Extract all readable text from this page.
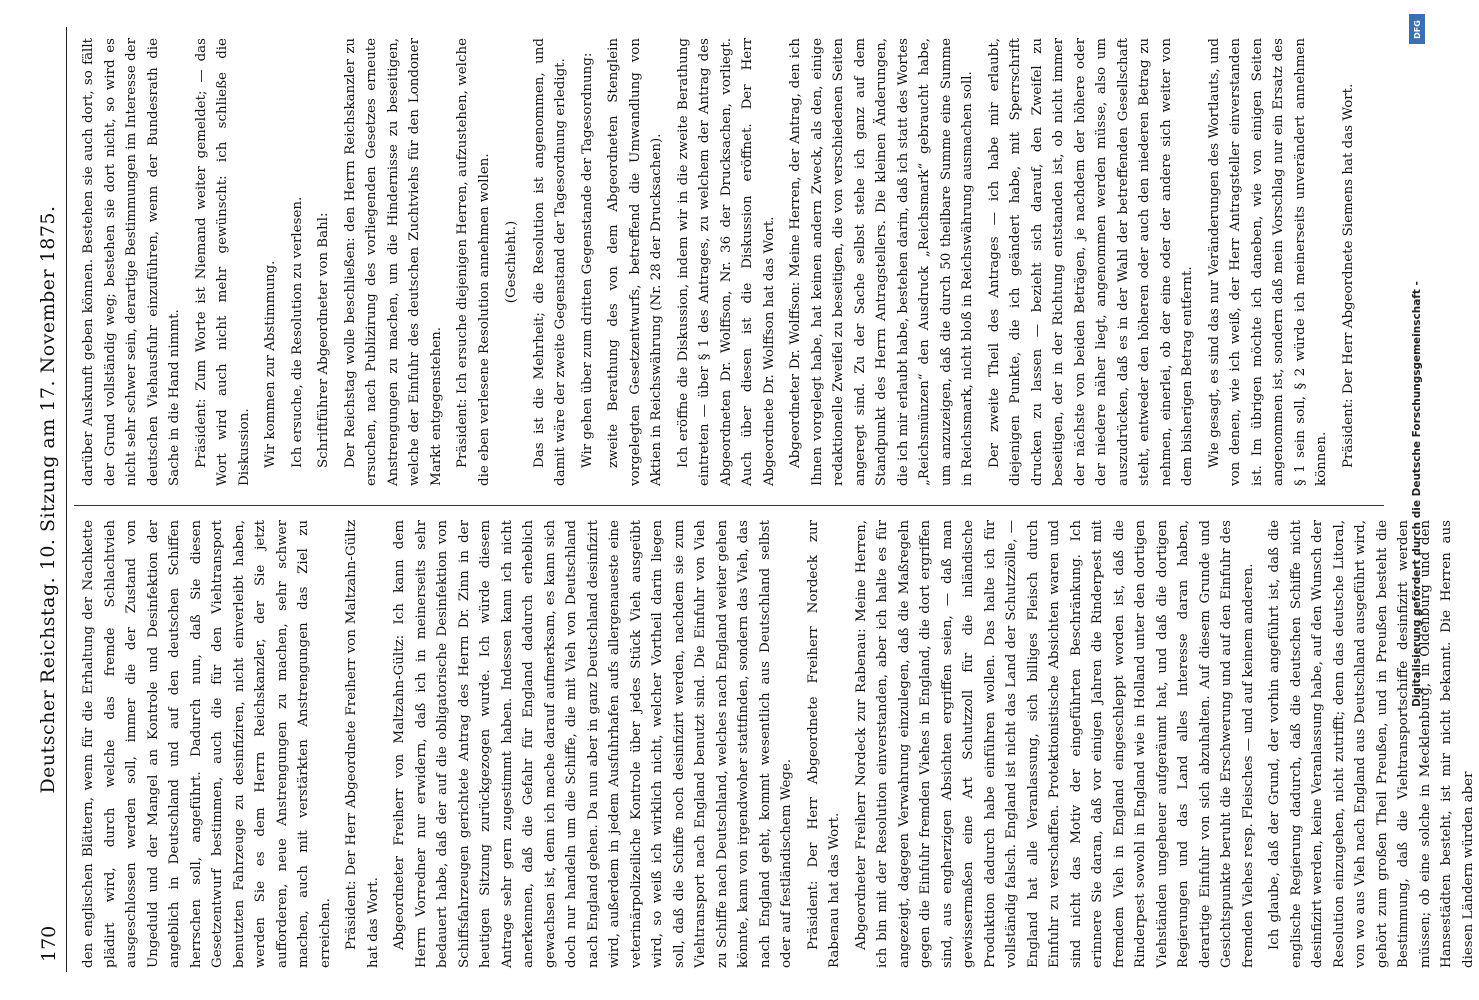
170
Deutscher Reichstag. 10. Sitzung am 17. November 1875. den englischen Blättern, wenn für die Erhaltung der Nachkette plädirt wird, durch welche das fremde Schlachtvieh ausgeschlossen werden soll, immer die der Zustand von Ungeduld und der Mangel an Kontrole und Desinfektion der angeblich in Deutschland und auf den deutschen Schiffen herrschen soll, angeführt. Dadurch nun, daß Sie diesen Gesetzentwurf bestimmen, auch die für den Viehtransport benutzten Fahrzeuge zu desinfiziren, nicht einverleibt haben, werden Sie es dem Herrn Reichskanzler, der Sie jetzt aufforderen, neue Anstrengungen zu machen, sehr schwer machen, auch mit verstärkten Anstrengungen das Ziel zu erreichen. Präsident: Der Herr Abgeordnete Freiherr von Maltzahn-Gültz hat das Wort. Abgeordneter Freiherr von Maltzahn-Gültz: Ich kann dem Herrn Vorredner nur erwidern, daß ich in meinerseits sehr bedauert habe, daß der auf die obligatorische Desinfektion von Schiffsfahrzeugen gerichtete Antrag des Herrn Dr. Zinn in der heutigen Sitzung zurückgezogen wurde. Ich würde diesem Antrage sehr gern zugestimmt haben. Indessen kann ich nicht anerkennen, daß die Gefahr für England dadurch erheblich gewachsen ist, denn ich mache darauf aufmerksam, es kann sich doch nur handeln um die Schiffe, die mit Vieh von Deutschland nach England gehen. Da nun aber in ganz Deutschland desinfizirt wird, außerdem in jedem Ausfuhrhafen aufs allergenaueste eine veterinärpolizeiliche Kontrole über jedes Stück Vieh ausgeübt wird, so weiß ich wirklich nicht, welcher Vortheil darin liegen soll, daß die Schiffe noch desinfizirt werden, nachdem sie zum Viehtransport nach England benutzt sind. Die Einfuhr von Vieh zu Schiffe nach Deutschland, welches nach England weiter gehen könnte, kann von irgendwoher stattfinden, sondern das Vieh, das nach England geht, kommt wesentlich aus Deutschland selbst oder auf festländischem Wege. Präsident: Der Herr Abgeordnete Freiherr Nordeck zur Rabenau hat das Wort. Abgeordneter Freiherr Nordeck zur Rabenau: Meine Herren, ich bin mit der Resolution einverstanden, aber ich halte es für angezeigt, dagegen Verwahrung einzulegen, daß die Maßregeln gegen die Einfuhr fremden Viehes in England, die dort ergriffen sind, aus engherzigen Absichten ergriffen seien, — daß man gewissermaßen eine Art Schutzzoll für die inländische Produktion dadurch habe einführen wollen. Das halte ich für vollständig falsch. England ist nicht das Land der Schutzzölle, — England hat alle Veranlassung, sich billiges Fleisch durch Einfuhr zu verschaffen. Protektionistische Absichten waren und sind nicht das Motiv der eingeführten Beschränkung. Ich erinnere Sie daran, daß vor einigen Jahren die Rinderpest mit fremdem Vieh in England eingeschleppt worden ist, daß die Rinderpest sowohl in England wie in Holland unter den dortigen Viehständen ungeheuer aufgeräumt hat, und daß die dortigen Regierungen und das Land alles Interesse daran haben, derartige Einfuhr von sich abzuhalten. Auf diesem Grunde und Gesichtspunkte beruht die Erschwerung und auf den Einfuhr des fremden Viehes resp. Fleisches — und auf keinem anderen. Ich glaube, daß der Grund, der vorhin angeführt ist, daß die englische Regierung dadurch, daß die deutschen Schiffe nicht desinfizirt werden, keine Veranlassung habe, auf den Wunsch der Resolution einzugehen, nicht zutrifft; denn das deutsche Litoral, von wo aus Vieh nach England aus Deutschland ausgeführt wird, gehört zum großen Theil Preußen, und in Preußen besteht die Bestimmung, daß die Viehtransportschiffe desinfizirt werden müssen; ob eine solche in Mecklenburg, in Oldenburg und den Hansestädten besteht, ist mir nicht bekannt. Die Herren aus diesen Ländern würden aber

darüber Auskunft geben können. Bestehen sie auch dort, so fällt der Grund vollständig weg; bestehen sie dort nicht, so wird es nicht sehr schwer sein, derartige Bestimmungen im Interesse der deutschen Viehausfuhr einzuführen, wenn der Bundesrath die Sache in die Hand nimmt. Präsident: Zum Worte ist Niemand weiter gemeldet; — das Wort wird auch nicht mehr gewünscht: ich schließe die Diskussion. Wir kommen zur Abstimmung. Ich ersuche, die Resolution zu verlesen. Schriftführer Abgeordneter von Bahl: Der Reichstag wolle beschließen: den Herrn Reichskanzler zu ersuchen, nach Publizirung des vorliegenden Gesetzes erneute Anstrengungen zu machen, um die Hindernisse zu beseitigen, welche der Einfuhr des deutschen Zuchtviehs für den Londoner Markt entgegenstehen. Präsident: Ich ersuche diejenigen Herren, aufzustehen, welche die eben verlesene Resolution annehmen wollen. (Geschieht.) Das ist die Mehrheit; die Resolution ist angenommen, und damit wäre der zweite Gegenstand der Tagesordnung erledigt. Wir gehen über zum dritten Gegenstande der Tagesordnung: zweite Berathung des von dem Abgeordneten Stenglein vorgelegten Gesetzentwurfs, betreffend die Umwandlung von Aktien in Reichswährung (Nr. 28 der Drucksachen). Ich eröffne die Diskussion, indem wir in die zweite Berathung eintreten — über § 1 des Antrages, zu welchem der Antrag des Abgeordneten Dr. Wolffson, Nr. 36 der Drucksachen, vorliegt. Auch über diesen ist die Diskussion eröffnet. Der Herr Abgeordnete Dr. Wolffson hat das Wort. Abgeordneter Dr. Wolffson: Meine Herren, der Antrag, den ich Ihnen vorgelegt habe, hat keinen andern Zweck, als den, einige redaktionelle Zweifel zu beseitigen, die von verschiedenen Seiten angeregt sind. Zu der Sache selbst stehe ich ganz auf dem Standpunkt des Herrn Antragstellers. Die kleinen Änderungen, die ich mir erlaubt habe, bestehen darin, daß ich statt des Wortes „Reichsmünzen“ den Ausdruck „Reichsmark“ gebraucht habe, um anzuzeigen, daß die durch 50 theilbare Summe eine Summe in Reichsmark, nicht bloß in Reichswährung ausmachen soll. Der zweite Theil des Antrages — ich habe mir erlaubt, diejenigen Punkte, die ich geändert habe, mit Sperrschrift drucken zu lassen — bezieht sich darauf, den Zweifel zu beseitigen, der in der Richtung entstanden ist, ob nicht immer der nächste von beiden Beträgen, je nachdem der höhere oder der niedere näher liegt, angenommen werden müsse, also um auszudrücken, daß es in der Wahl der betreffenden Gesellschaft steht, entweder den höheren oder auch den niederen Betrag zu nehmen, einerlei, ob der eine oder der andere sich weiter von dem bisherigen Betrag entfernt. Wie gesagt, es sind das nur Veränderungen des Wortlauts, und von denen, wie ich weiß, der Herr Antragsteller einverstanden ist. Im übrigen möchte ich daneben, wie von einigen Seiten angenommen ist, sondern daß mein Vorschlag nur ein Ersatz des § 1 sein soll, § 2 würde ich meinerseits unverändert annehmen können. Präsident: Der Herr Abgeordnete Siemens hat das Wort.

DFG
Digitalisierung gefördert durch die Deutsche Forschungsgemeinschaft -
